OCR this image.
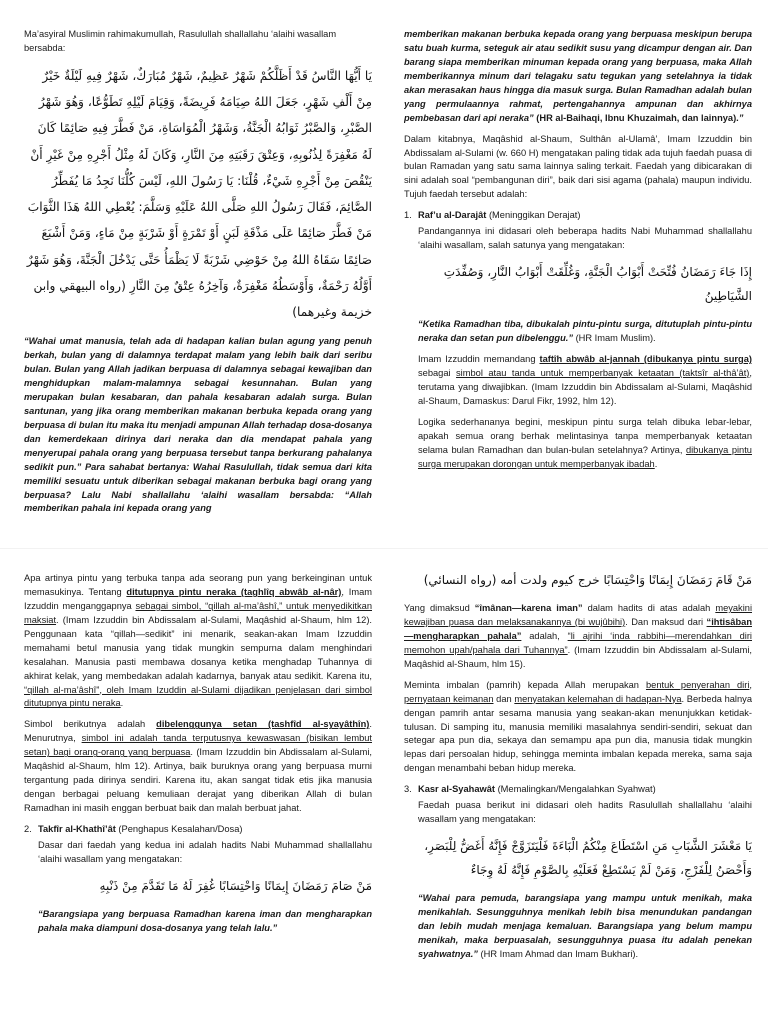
Ma’asyiral Muslimin rahimakumullah, Rasulullah shallallahu ‘alaihi wasallam bersabda:

يَا أَيُّهَا النَّاسُ قَدْ أَظَلَّكُمْ شَهْرٌ عَظِيمٌ، شَهْرٌ مُبَارَكٌ، شَهْرٌ فِيهِ لَيْلَةٌ خَيْرٌ مِنْ أَلْفِ شَهْرٍ، جَعَلَ اللهُ صِيَامَهُ فَرِيضَةً، وَقِيَامَ لَيْلِهِ تَطَوُّعًا، وَهُوَ شَهْرُ الصَّبْرِ، وَالصَّبْرُ ثَوَابُهُ الْجَنَّةُ، وَشَهْرُ الْمُوَاسَاةِ، مَنْ فَطَّرَ فِيهِ صَائِمًا كَانَ لَهُ مَغْفِرَةً لِذُنُوبِهِ، وَعِتْقَ رَقَبَتِهِ مِنَ النَّارِ، وَكَانَ لَهُ مِثْلُ أَجْرِهِ مِنْ غَيْرِ أَنْ يَنْقُصَ مِنْ أَجْرِهِ شَيْءٌ، قُلْنَا: يَا رَسُولَ اللهِ، لَيْسَ كُلُّنَا نَجِدُ مَا يُفَطِّرُ الصَّائِمَ، فَقَالَ رَسُولُ اللهِ صَلَّى اللهُ عَلَيْهِ وَسَلَّمَ: يُعْطِي اللهُ هَذَا الثَّوَابَ مَنْ فَطَّرَ صَائِمًا عَلَى مَذْقَةِ لَبَنٍ أَوْ تَمْرَةٍ أَوْ شَرْبَةٍ مِنْ مَاءٍ، وَمَنْ أَشْبَعَ صَائِمًا سَقَاهُ اللهُ مِنْ حَوْضِي شَرْبَةً لَا يَظْمَأُ حَتَّى يَدْخُلَ الْجَنَّةَ، وَهُوَ شَهْرٌ أَوَّلُهُ رَحْمَةٌ، وَأَوْسَطُهُ مَغْفِرَةٌ، وَآخِرُهُ عِتْقٌ مِنَ النَّارِ (رواه البيهقي وابن خزيمة وغيرهما)

“Wahai umat manusia, telah ada di hadapan kalian bulan agung yang penuh berkah, bulan yang di dalamnya terdapat malam yang lebih baik dari seribu bulan. Bulan yang Allah jadikan berpuasa di dalamnya sebagai kewajiban dan menghidupkan malam-malamnya sebagai kesunnahan. Bulan yang merupakan bulan kesabaran, dan pahala kesabaran adalah surga. Bulan santunan, yang jika orang memberikan makanan berbuka kepada orang yang berpuasa di bulan itu maka itu menjadi ampunan Allah terhadap dosa-dosanya dan kemerdekaan dirinya dari neraka dan dia mendapat pahala yang menyerupai pahala orang yang berpuasa tersebut tanpa berkurang pahalanya sedikit pun.” Para sahabat bertanya: Wahai Rasulullah, tidak semua dari kita memiliki sesuatu untuk diberikan sebagai makanan berbuka bagi orang yang berpuasa? Lalu Nabi shallallahu ‘alaihi wasallam bersabda: “Allah memberikan pahala ini kepada orang yang

memberikan makanan berbuka kepada orang yang berpuasa meskipun berupa satu buah kurma, seteguk air atau sedikit susu yang dicampur dengan air. Dan barang siapa memberikan minuman kepada orang yang berpuasa, maka Allah memberikannya minum dari telagaku satu tegukan yang setelahnya ia tidak akan merasakan haus hingga dia masuk surga. Bulan Ramadhan adalah bulan yang permulaannya rahmat, pertengahannya ampunan dan akhirnya pembebasan dari api neraka” (HR al-Baihaqi, Ibnu Khuzaimah, dan lainnya).”

Dalam kitabnya, Maqâshid al-Shaum, Sulthân al-Ulamâ’, Imam Izzuddin bin Abdissalam al-Sulami (w. 660 H) mengatakan paling tidak ada tujuh faedah puasa di bulan Ramadan yang satu sama lainnya saling terkait. Faedah yang dibicarakan di sini adalah soal “pembangunan diri”, baik dari sisi agama (pahala) maupun individu. Tujuh faedah tersebut adalah:

1. Raf’u al-Darajât (Meninggikan Derajat)

Pandangannya ini didasari oleh beberapa hadits Nabi Muhammad shallallahu ‘alaihi wasallam, salah satunya yang mengatakan:

إِذَا جَاءَ رَمَضَانُ فُتِّحَتْ أَبْوَابُ الْجَنَّةِ، وَغُلِّقَتْ أَبْوَابُ النَّارِ، وَصُفِّدَتِ الشَّيَاطِينُ

“Ketika Ramadhan tiba, dibukalah pintu-pintu surga, ditutuplah pintu-pintu neraka dan setan pun dibelenggu.” (HR Imam Muslim).

Imam Izzuddin memandang taftîh abwâb al-jannah (dibukanya pintu surga) sebagai simbol atau tanda untuk memperbanyak ketaatan (taktsîr al-thâ’ât), terutama yang diwajibkan. (Imam Izzuddin bin Abdissalam al-Sulami, Maqâshid al-Shaum, Damaskus: Darul Fikr, 1992, hlm 12).

Logika sederhananya begini, meskipun pintu surga telah dibuka lebar-lebar, apakah semua orang berhak melintasinya tanpa memperbanyak ketaatan selama bulan Ramadhan dan bulan-bulan setelahnya? Artinya, dibukanya pintu surga merupakan dorongan untuk memperbanyak ibadah.

Apa artinya pintu yang terbuka tanpa ada seorang pun yang berkeinginan untuk memasukinya. Tentang ditutupnya pintu neraka (taghlîq abwâb al-nâr), Imam Izzuddin menganggapnya sebagai simbol, “qillah al-ma’âshî,” untuk menyedikitkan maksiat. (Imam Izzuddin bin Abdissalam al-Sulami, Maqâshid al-Shaum, hlm 12). Penggunaan kata “qillah—sedikit” ini menarik, seakan-akan Imam Izzuddin memahami betul manusia yang tidak mungkin sempurna dalam menghindari kesalahan. Manusia pasti membawa dosanya ketika menghadap Tuhannya di akhirat kelak, yang membedakan adalah kadarnya, banyak atau sedikit. Karena itu, “qillah al-ma’âshî”, oleh Imam Izuddin al-Sulami dijadikan penjelasan dari simbol ditutupnya pintu neraka.

Simbol berikutnya adalah dibelenggunya setan (tashfîd al-syayâthîn). Menurutnya, simbol ini adalah tanda terputusnya kewaswasan (bisikan lembut setan) bagi orang-orang yang berpuasa. (Imam Izzuddin bin Abdissalam al-Sulami, Maqâshid al-Shaum, hlm 12). Artinya, baik buruknya orang yang berpuasa murni tergantung pada dirinya sendiri. Karena itu, akan sangat tidak etis jika manusia dengan berbagai peluang kemuliaan derajat yang diberikan Allah di bulan Ramadhan ini masih enggan berbuat baik dan malah berbuat jahat.

2. Takfîr al-Khathî’ât (Penghapus Kesalahan/Dosa)

Dasar dari faedah yang kedua ini adalah hadits Nabi Muhammad shallallahu ‘alaihi wasallam yang mengatakan:

مَنْ صَامَ رَمَضَانَ إِيمَانًا وَاحْتِسَابًا غُفِرَ لَهُ مَا تَقَدَّمَ مِنْ ذَنْبِهِ

“Barangsiapa yang berpuasa Ramadhan karena iman dan mengharapkan pahala maka diampuni dosa-dosanya yang telah lalu.”

مَنْ قَامَ رَمَضَانَ إِيمَانًا وَاحْتِسَابًا خرج كيوم ولدت أمه (رواه النسائي)

Yang dimaksud “îmânan—karena iman” dalam hadits di atas adalah meyakini kewajiban puasa dan melaksanakannya (bi wujûbihi). Dan maksud dari “ihtisâban—mengharapkan pahala” adalah, “li ajrihi ‘inda rabbihi—merendahkan diri memohon upah/pahala dari Tuhannya”. (Imam Izzuddin bin Abdissalam al-Sulami, Maqâshid al-Shaum, hlm 15).

Meminta imbalan (pamrih) kepada Allah merupakan bentuk penyerahan diri, pernyataan keimanan dan menyatakan kelemahan di hadapan-Nya. Berbeda halnya dengan pamrih antar sesama manusia yang seakan-akan menunjukkan ketidak-tulusan. Di samping itu, manusia memiliki masalahnya sendiri-sendiri, sekuat dan setegar apa pun dia, sekaya dan semampu apa pun dia, manusia tidak mungkin lepas dari persoalan hidup, sehingga meminta imbalan kepada mereka, sama saja dengan menambahi beban hidup mereka.

3. Kasr al-Syahawât (Memalingkan/Mengalahkan Syahwat)

Faedah puasa berikut ini didasari oleh hadits Rasulullah shallallahu ‘alaihi wasallam yang mengatakan:

يَا مَعْشَرَ الشَّبَابِ مَنِ اسْتَطَاعَ مِنْكُمُ الْبَاءَةَ فَلْيَتَزَوَّجْ فَإِنَّهُ أَغَضُّ لِلْبَصَرِ، وَأَحْصَنُ لِلْفَرْجِ، وَمَنْ لَمْ يَسْتَطِعْ فَعَلَيْهِ بِالصَّوْمِ فَإِنَّهُ لَهُ وِجَاءٌ

“Wahai para pemuda, barangsiapa yang mampu untuk menikah, maka menikahlah. Sesungguhnya menikah lebih bisa menundukan pandangan dan lebih mudah menjaga kemaluan. Barangsiapa yang belum mampu menikah, maka berpuasalah, sesungguhnya puasa itu adalah penekan syahwatnya.” (HR Imam Ahmad dan Imam Bukhari).
